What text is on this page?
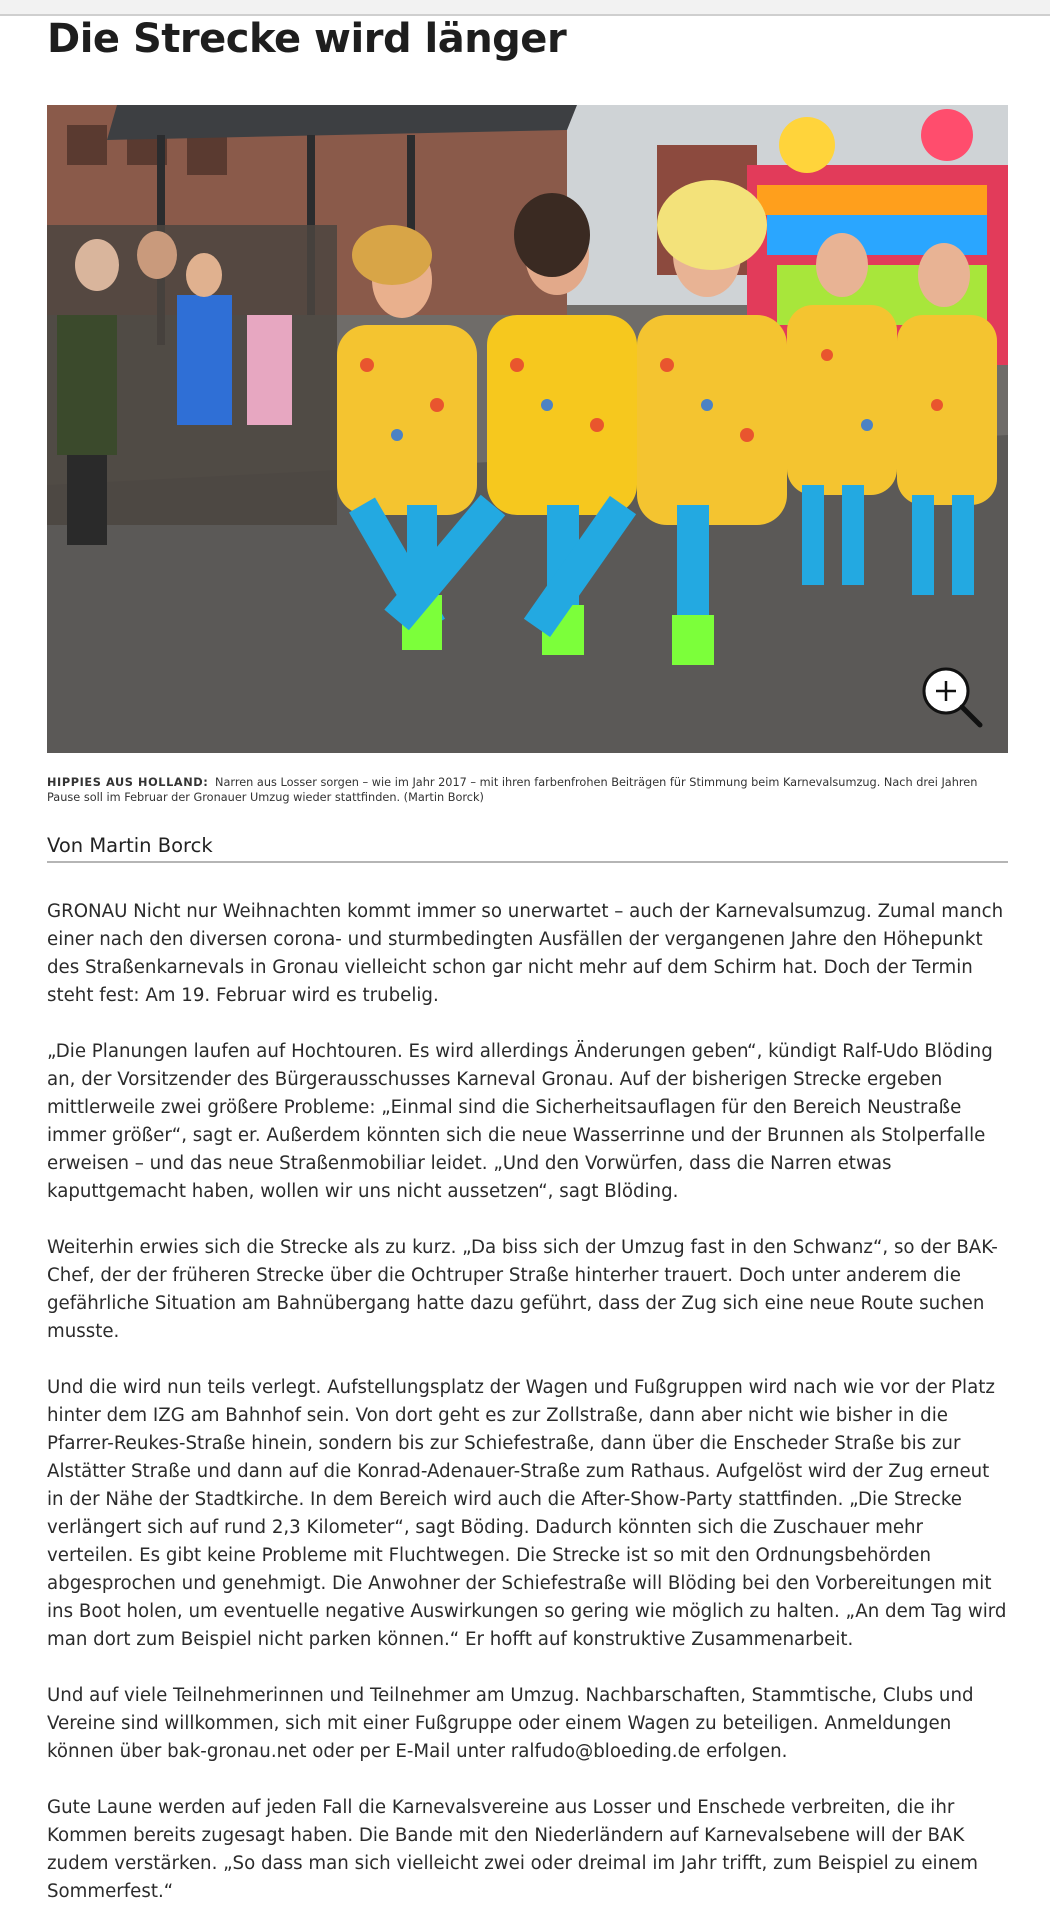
Die Strecke wird länger
HIPPIES AUS HOLLAND: Narren aus Losser sorgen – wie im Jahr 2017 – mit ihren farbenfrohen Beiträgen für Stimmung beim Karnevalsumzug. Nach drei Jahren Pause soll im Februar der Gronauer Umzug wieder stattfinden. (Martin Borck)
Von Martin Borck

GRONAU Nicht nur Weihnachten kommt immer so unerwartet – auch der Karnevalsumzug. Zumal manch einer nach den diversen corona- und sturmbedingten Ausfällen der vergangenen Jahre den Höhepunkt des Straßenkarnevals in Gronau vielleicht schon gar nicht mehr auf dem Schirm hat. Doch der Termin steht fest: Am 19. Februar wird es trubelig.

„Die Planungen laufen auf Hochtouren. Es wird allerdings Änderungen geben“, kündigt Ralf-Udo Blöding an, der Vorsitzender des Bürgerausschusses Karneval Gronau. Auf der bisherigen Strecke ergeben mittlerweile zwei größere Probleme: „Einmal sind die Sicherheitsauflagen für den Bereich Neustraße immer größer“, sagt er. Außerdem könnten sich die neue Wasserrinne und der Brunnen als Stolperfalle erweisen – und das neue Straßenmobiliar leidet. „Und den Vorwürfen, dass die Narren etwas kaputtgemacht haben, wollen wir uns nicht aussetzen“, sagt Blöding.

Weiterhin erwies sich die Strecke als zu kurz. „Da biss sich der Umzug fast in den Schwanz“, so der BAK-Chef, der der früheren Strecke über die Ochtruper Straße hinterher trauert. Doch unter anderem die gefährliche Situation am Bahnübergang hatte dazu geführt, dass der Zug sich eine neue Route suchen musste.

Und die wird nun teils verlegt. Aufstellungsplatz der Wagen und Fußgruppen wird nach wie vor der Platz hinter dem IZG am Bahnhof sein. Von dort geht es zur Zollstraße, dann aber nicht wie bisher in die Pfarrer-Reukes-Straße hinein, sondern bis zur Schiefestraße, dann über die Enscheder Straße bis zur Alstätter Straße und dann auf die Konrad-Adenauer-Straße zum Rathaus. Aufgelöst wird der Zug erneut in der Nähe der Stadtkirche. In dem Bereich wird auch die After-Show-Party stattfinden. „Die Strecke verlängert sich auf rund 2,3 Kilometer“, sagt Böding. Dadurch könnten sich die Zuschauer mehr verteilen. Es gibt keine Probleme mit Fluchtwegen. Die Strecke ist so mit den Ordnungsbehörden abgesprochen und genehmigt. Die Anwohner der Schiefestraße will Blöding bei den Vorbereitungen mit ins Boot holen, um eventuelle negative Auswirkungen so gering wie möglich zu halten. „An dem Tag wird man dort zum Beispiel nicht parken können.“ Er hofft auf konstruktive Zusammenarbeit.

Und auf viele Teilnehmerinnen und Teilnehmer am Umzug. Nachbarschaften, Stammtische, Clubs und Vereine sind willkommen, sich mit einer Fußgruppe oder einem Wagen zu beteiligen. Anmeldungen können über bak-gronau.net oder per E-Mail unter ralfudo@bloeding.de erfolgen.

Gute Laune werden auf jeden Fall die Karnevalsvereine aus Losser und Enschede verbreiten, die ihr Kommen bereits zugesagt haben. Die Bande mit den Niederländern auf Karnevalsebene will der BAK zudem verstärken. „So dass man sich vielleicht zwei oder dreimal im Jahr trifft, zum Beispiel zu einem Sommerfest.“
